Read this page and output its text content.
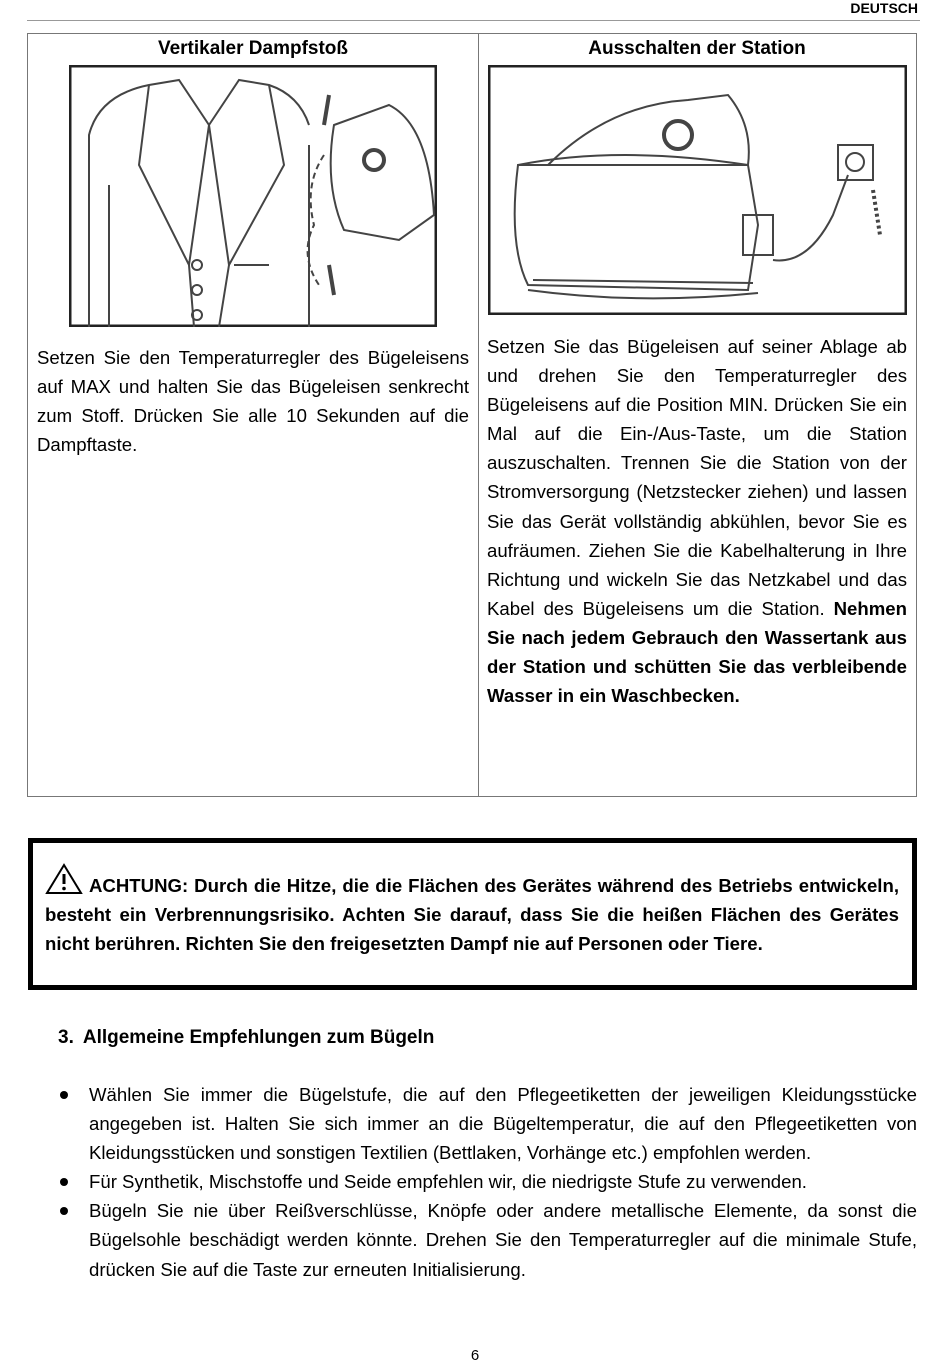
DEUTSCH
Vertikaler Dampfstoß
Setzen Sie den Temperaturregler des Bügeleisens auf MAX und halten Sie das Bügeleisen senkrecht zum Stoff. Drücken Sie alle 10 Sekunden auf die Dampftaste.
Ausschalten der Station
Setzen Sie das Bügeleisen auf seiner Ablage ab und drehen Sie den Temperaturregler des Bügeleisens auf die Position MIN. Drücken Sie ein Mal auf die Ein-/Aus-Taste, um die Station auszuschalten. Trennen Sie die Station von der Stromversorgung (Netzstecker ziehen) und lassen Sie das Gerät vollständig abkühlen, bevor Sie es aufräumen. Ziehen Sie die Kabelhalterung in Ihre Richtung und wickeln Sie das Netzkabel und das Kabel des Bügeleisens um die Station. Nehmen Sie nach jedem Gebrauch den Wassertank aus der Station und schütten Sie das verbleibende Wasser in ein Waschbecken.
ACHTUNG: Durch die Hitze, die die Flächen des Gerätes während des Betriebs entwickeln, besteht ein Verbrennungsrisiko. Achten Sie darauf, dass Sie die heißen Flächen des Gerätes nicht berühren. Richten Sie den freigesetzten Dampf nie auf Personen oder Tiere.
3. Allgemeine Empfehlungen zum Bügeln
Wählen Sie immer die Bügelstufe, die auf den Pflegeetiketten der jeweiligen Kleidungsstücke angegeben ist. Halten Sie sich immer an die Bügeltemperatur, die auf den Pflegeetiketten von Kleidungsstücken und sonstigen Textilien (Bettlaken, Vorhänge etc.) empfohlen werden.
Für Synthetik, Mischstoffe und Seide empfehlen wir, die niedrigste Stufe zu verwenden.
Bügeln Sie nie über Reißverschlüsse, Knöpfe oder andere metallische Elemente, da sonst die Bügelsohle beschädigt werden könnte. Drehen Sie den Temperaturregler auf die minimale Stufe, drücken Sie auf die Taste zur erneuten Initialisierung.
6
